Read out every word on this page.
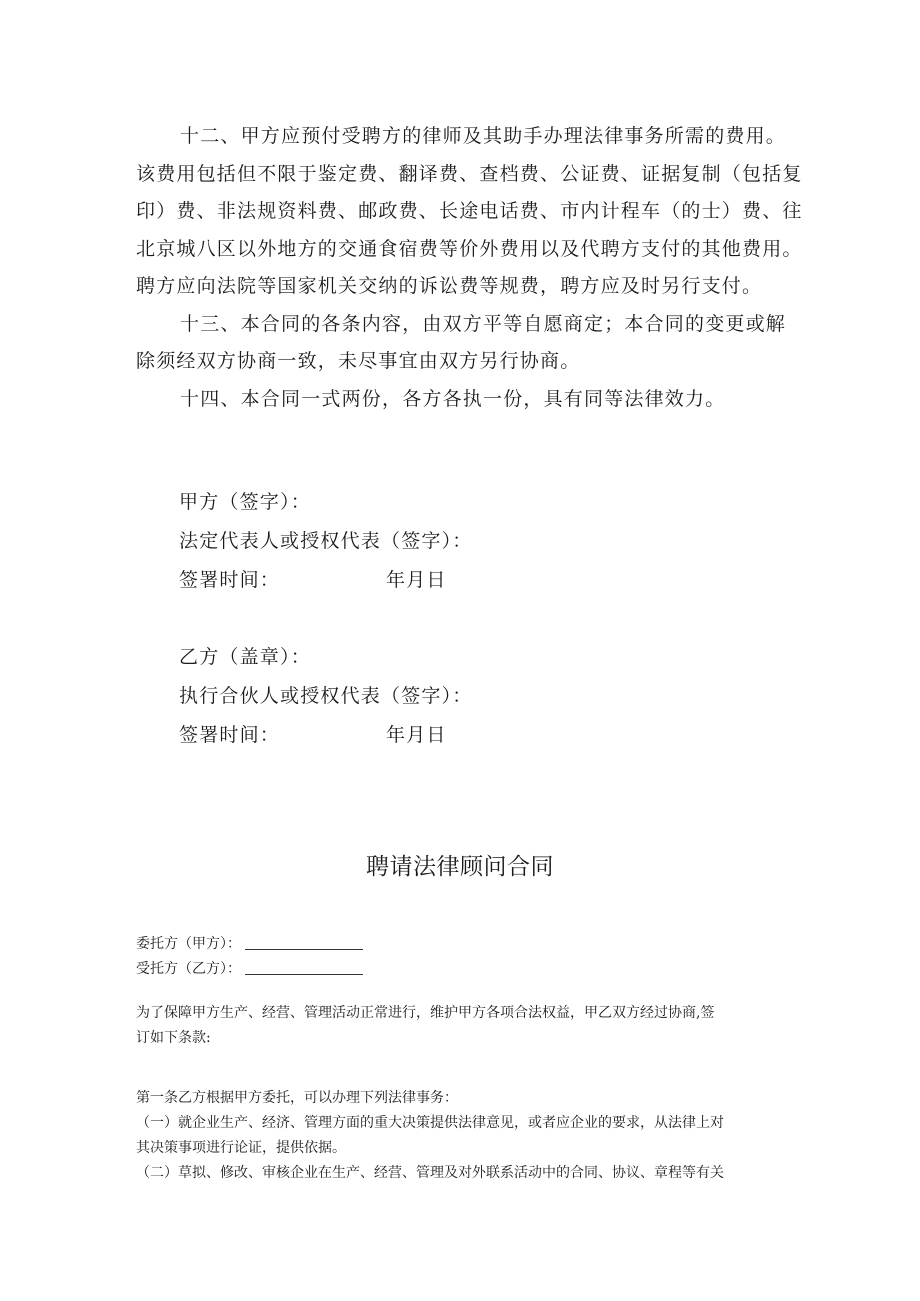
十二、甲方应预付受聘方的律师及其助手办理法律事务所需的费用。
该费用包括但不限于鉴定费、翻译费、查档费、公证费、证据复制（包括复
印）费、非法规资料费、邮政费、长途电话费、市内计程车（的士）费、往
北京城八区以外地方的交通食宿费等价外费用以及代聘方支付的其他费用。
聘方应向法院等国家机关交纳的诉讼费等规费，聘方应及时另行支付。
十三、本合同的各条内容，由双方平等自愿商定；本合同的变更或解
除须经双方协商一致，未尽事宜由双方另行协商。
十四、本合同一式两份，各方各执一份，具有同等法律效力。
甲方（签字）：
法定代表人或授权代表（签字）：
签署时间：	年月日
乙方（盖章）：
执行合伙人或授权代表（签字）：
签署时间：	年月日
聘请法律顾问合同
委托方（甲方）：
受托方（乙方）：
为了保障甲方生产、经营、管理活动正常进行，维护甲方各项合法权益，甲乙双方经过协商,签
订如下条款:
第一条乙方根据甲方委托，可以办理下列法律事务：
（一）就企业生产、经济、管理方面的重大决策提供法律意见，或者应企业的要求，从法律上对
其决策事项进行论证，提供依据。
（二）草拟、修改、审核企业在生产、经营、管理及对外联系活动中的合同、协议、章程等有关
